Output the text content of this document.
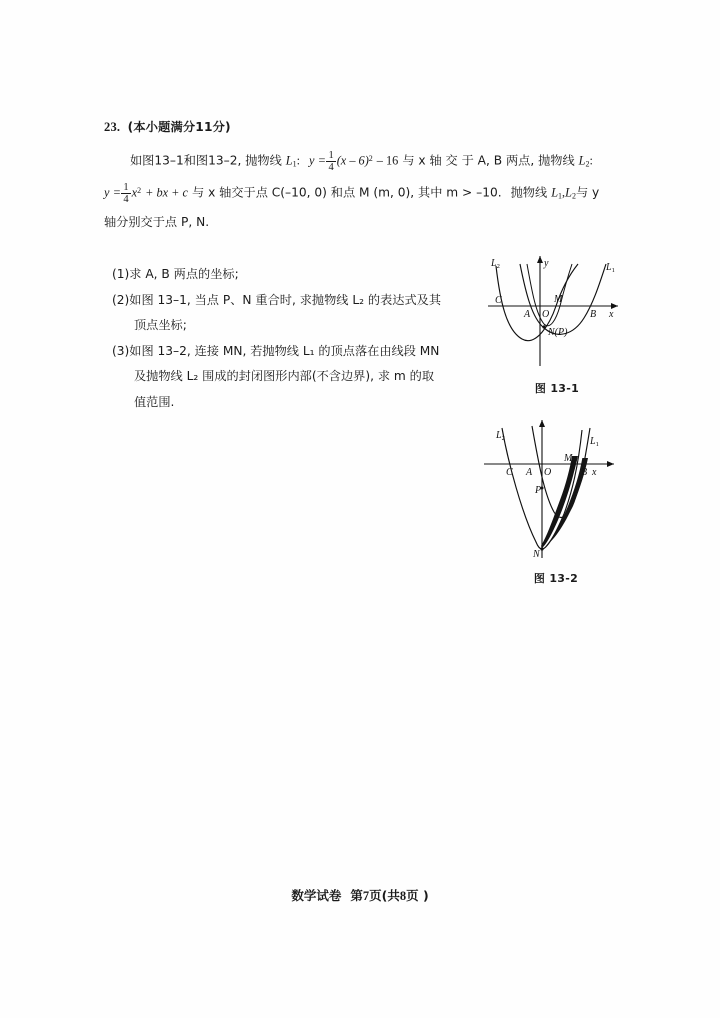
23. (本小题满分11分)
如图13–1和图13–2, 抛物线 $L_1$: $y = \frac{1}{4} (x - 6)^2 - 16$ 与 x 轴 交 于 A, B 两点, 抛物线 $L_2$:
$y = \frac{1}{4} x^2$ + bx + c 与 x 轴交于点 C(–10, 0) 和点 M (m, 0), 其中 m > –10. 抛物线 $L_1,L_2$与 y
轴分别交于点 P, N.
(1)求 A, B 两点的坐标;
(2)如图 13–1, 当点 P、N 重合时, 求抛物线 L₂ 的表达式及其
顶点坐标;
(3)如图 13–2, 连接 MN, 若抛物线 L₁ 的顶点落在由线段 MN
及抛物线 L₂ 围成的封闭图形内部(不含边界), 求 m 的取
值范围.
$L_2$	$L_1$
C
A O
M
B x
y
N(P)
图 13-1
$L_2$	$L_1$
C A O
M
B x
P
N
图 13-2
数学试卷 第7页(共8页 )
